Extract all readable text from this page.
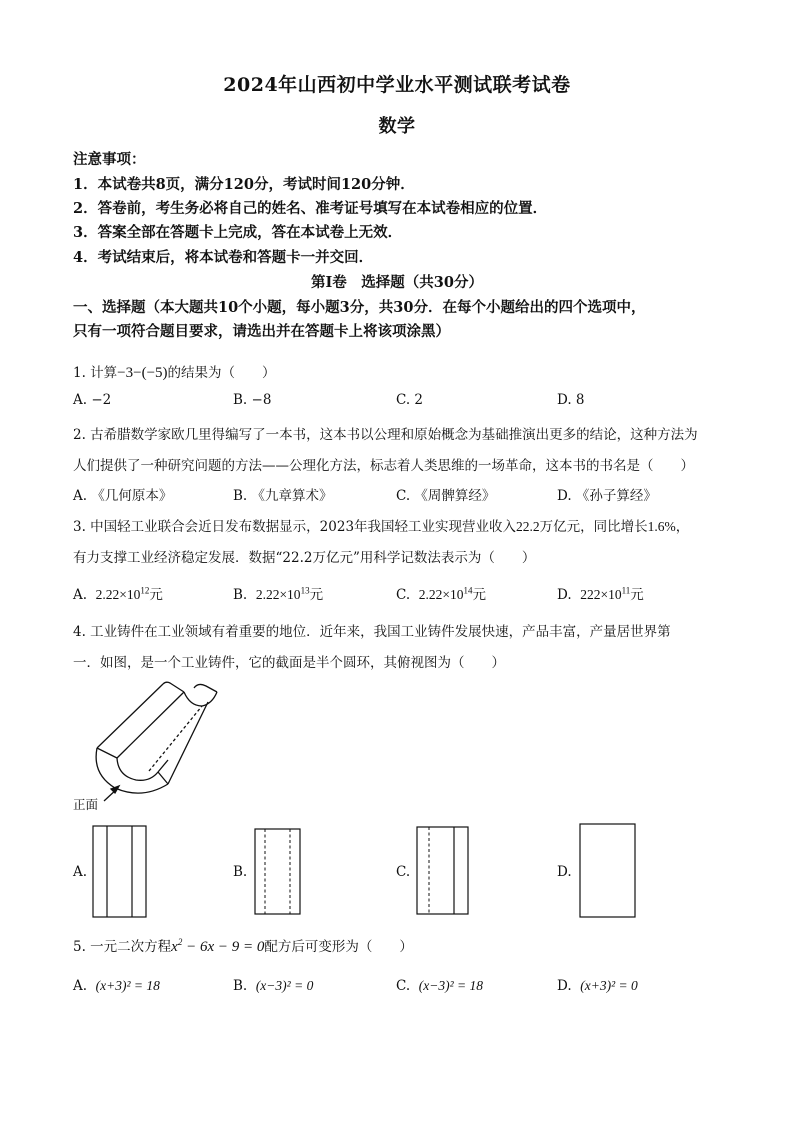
2024年山西初中学业水平测试联考试卷
数学
注意事项：
1．本试卷共8页，满分120分，考试时间120分钟．
2．答卷前，考生务必将自己的姓名、准考证号填写在本试卷相应的位置．
3．答案全部在答题卡上完成，答在本试卷上无效．
4．考试结束后，将本试卷和答题卡一并交回．
第Ⅰ卷　选择题（共30分）
一、选择题（本大题共10个小题，每小题3分，共30分．在每个小题给出的四个选项中，
只有一项符合题目要求，请选出并在答题卡上将该项涂黑）
1. 计算−3−(−5)的结果为（　　）
A. −2	B. −8	C. 2	D. 8
2. 古希腊数学家欧几里得编写了一本书，这本书以公理和原始概念为基础推演出更多的结论，这种方法为
人们提供了一种研究问题的方法——公理化方法，标志着人类思维的一场革命，这本书的书名是（　　）
A. 《几何原本》	B. 《九章算术》	C. 《周髀算经》	D. 《孙子算经》
3. 中国轻工业联合会近日发布数据显示，2023年我国轻工业实现营业收入22.2万亿元，同比增长1.6%，
有力支撑工业经济稳定发展．数据“22.2万亿元”用科学记数法表示为（　　）
A. $2.22\times 10^{12}$元	B. $2.22\times 10^{13}$元	C. $2.22\times 10^{14}$元	D. $222\times 10^{11}$元
4. 工业铸件在工业领域有着重要的地位．近年来，我国工业铸件发展快速，产品丰富，产量居世界第
一．如图，是一个工业铸件，它的截面是半个圆环，其俯视图为（　　）
正面
A.	B.	C.	D.
5. 一元二次方程$x^2 - 6x - 9 = 0$配方后可变形为（　　）
A. (x+3)² = 18	B. (x−3)² = 0	C. (x−3)² = 18	D. (x+3)² = 0
